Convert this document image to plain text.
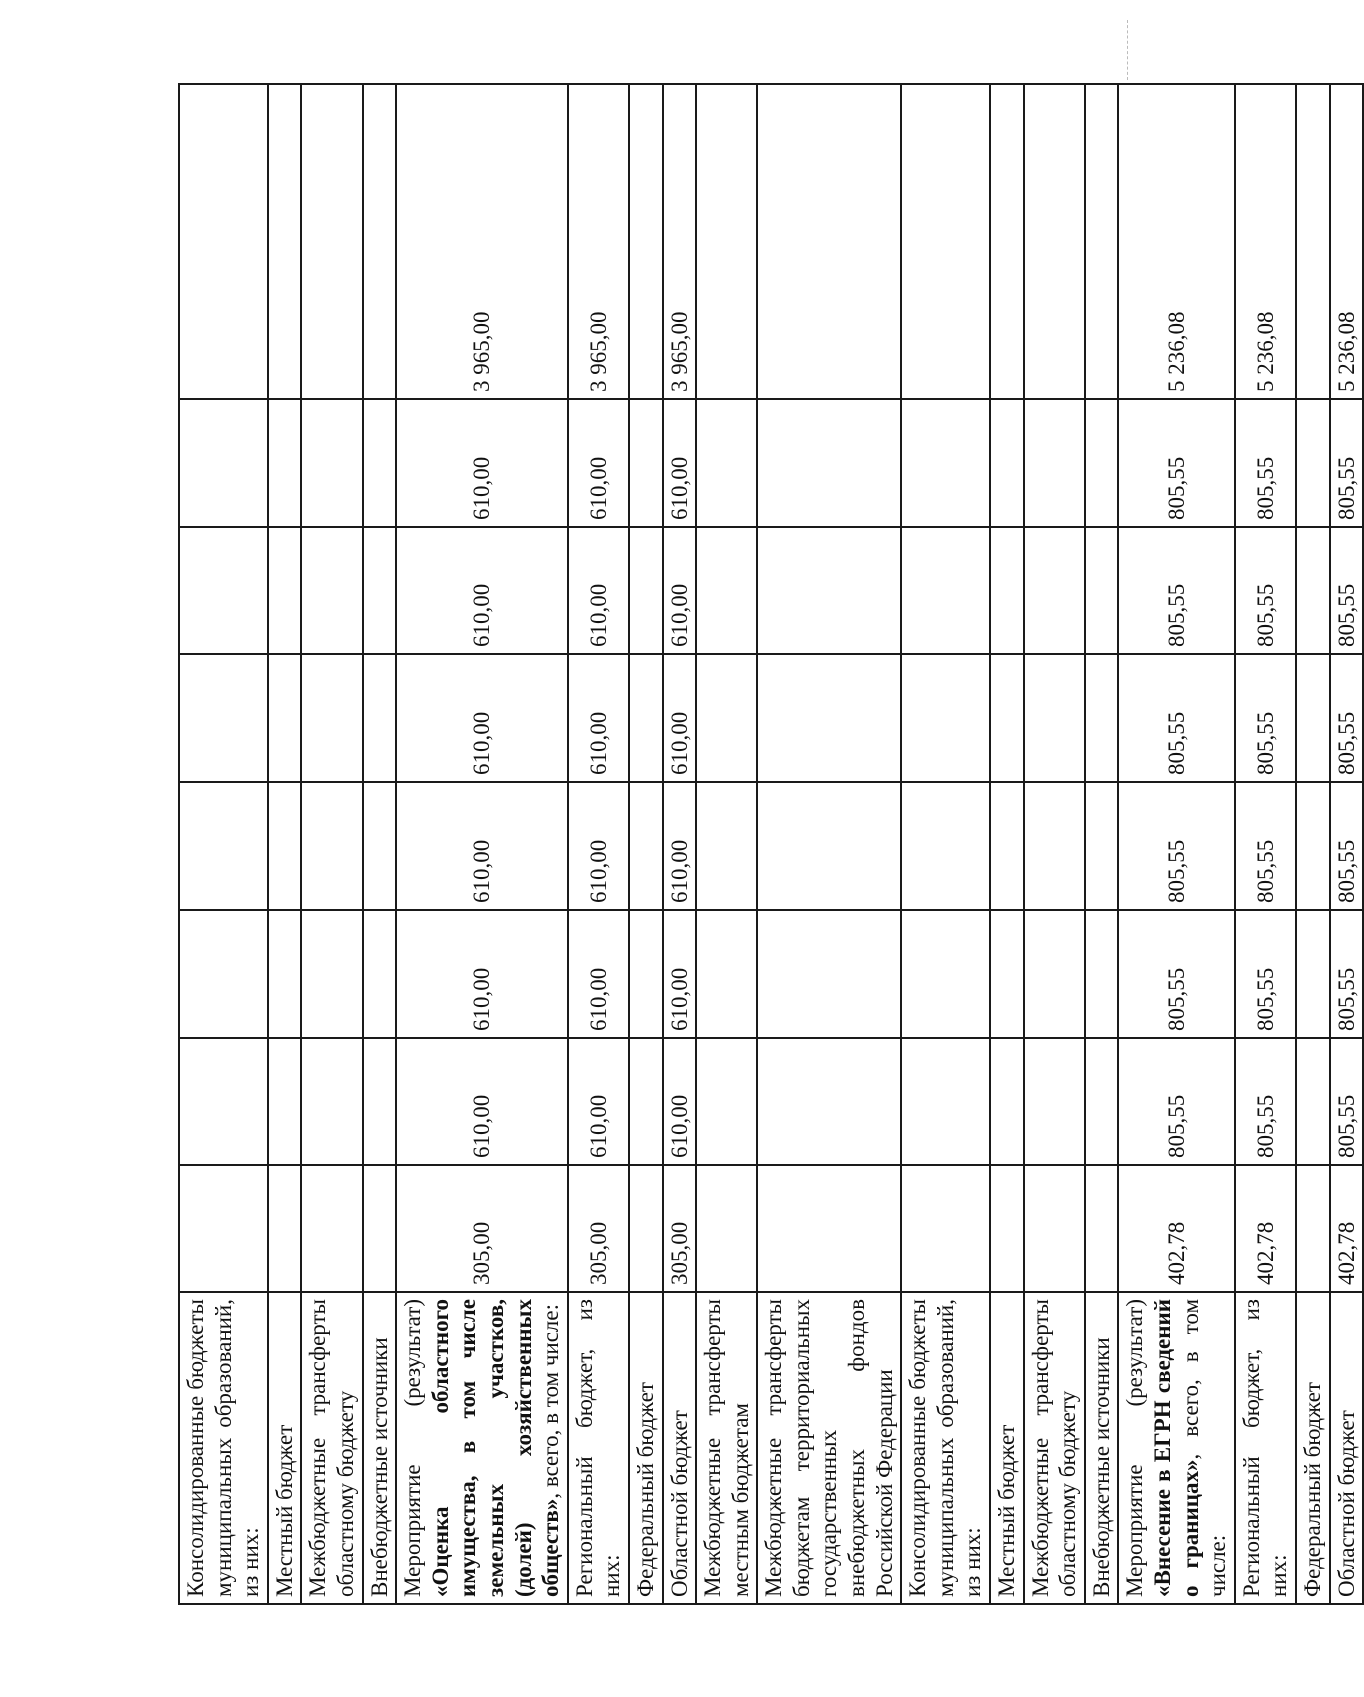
Консолидированные бюджеты муниципальных образований, из них:								
Местный бюджет								
Межбюджетные трансферты областному бюджету								
Внебюджетные источники								
Мероприятие (результат) «Оценка областного имущества, в том числе земельных участков, (долей) хозяйственных обществ», всего, в том числе:	305,00	610,00	610,00	610,00	610,00	610,00	610,00	3 965,00
Региональный бюджет, из них:	305,00	610,00	610,00	610,00	610,00	610,00	610,00	3 965,00
Федеральный бюджет								
Областной бюджет	305,00	610,00	610,00	610,00	610,00	610,00	610,00	3 965,00
Межбюджетные трансферты местным бюджетам								
Межбюджетные трансферты бюджетам территориальных государственных внебюджетных фондов Российской Федерации								
Консолидированные бюджеты муниципальных образований, из них:								
Местный бюджет								
Межбюджетные трансферты областному бюджету								
Внебюджетные источники								
Мероприятие (результат) «Внесение в ЕГРН сведений о границах», всего, в том числе:	402,78	805,55	805,55	805,55	805,55	805,55	805,55	5 236,08
Региональный бюджет, из них:	402,78	805,55	805,55	805,55	805,55	805,55	805,55	5 236,08
Федеральный бюджет								
Областной бюджет	402,78	805,55	805,55	805,55	805,55	805,55	805,55	5 236,08
